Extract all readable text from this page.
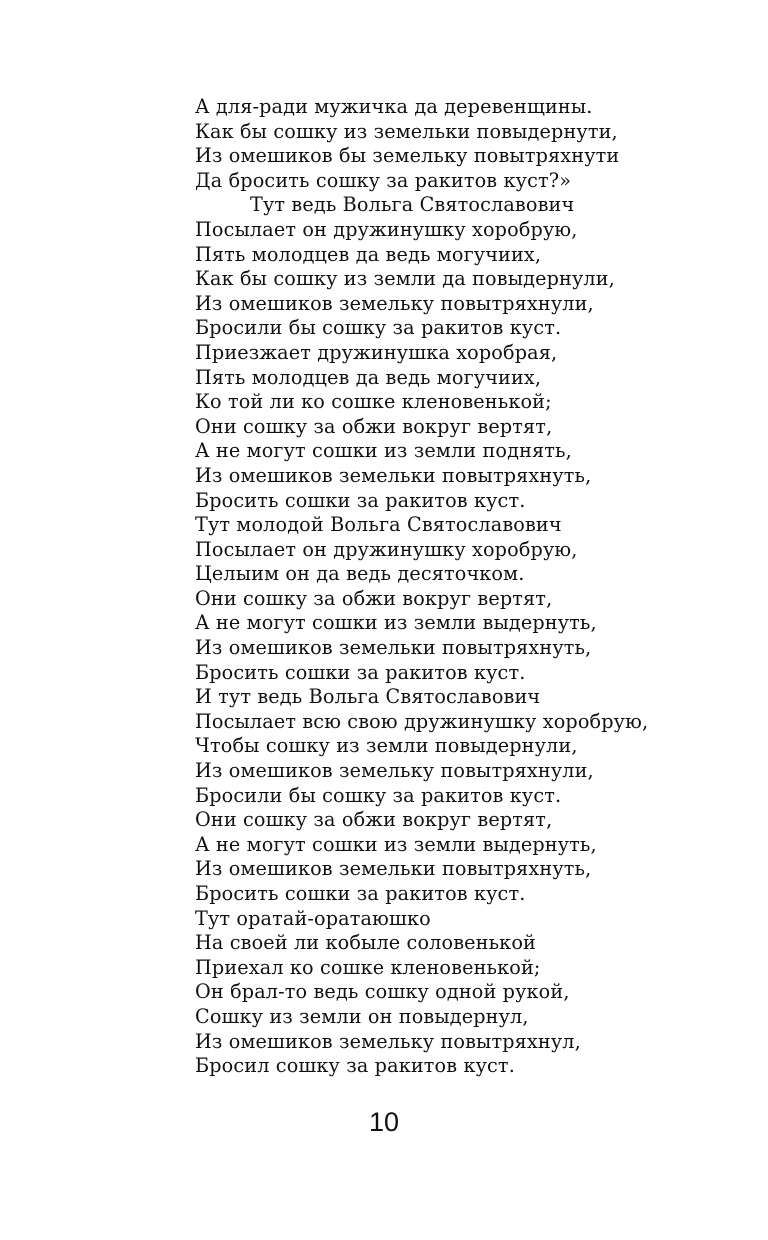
А для-ради мужичка да деревенщины.
Как бы сошку из земельки повыдернути,
Из омешиков бы земельку повытряхнути
Да бросить сошку за ракитов куст?»
Тут ведь Вольга Святославович
Посылает он дружинушку хоробрую,
Пять молодцев да ведь могучиих,
Как бы сошку из земли да повыдернули,
Из омешиков земельку повытряхнули,
Бросили бы сошку за ракитов куст.
Приезжает дружинушка хоробрая,
Пять молодцев да ведь могучиих,
Ко той ли ко сошке кленовенькой;
Они сошку за обжи вокруг вертят,
А не могут сошки из земли поднять,
Из омешиков земельки повытряхнуть,
Бросить сошки за ракитов куст.
Тут молодой Вольга Святославович
Посылает он дружинушку хоробрую,
Целыим он да ведь десяточком.
Они сошку за обжи вокруг вертят,
А не могут сошки из земли выдернуть,
Из омешиков земельки повытряхнуть,
Бросить сошки за ракитов куст.
И тут ведь Вольга Святославович
Посылает всю свою дружинушку хоробрую,
Чтобы сошку из земли повыдернули,
Из омешиков земельку повытряхнули,
Бросили бы сошку за ракитов куст.
Они сошку за обжи вокруг вертят,
А не могут сошки из земли выдернуть,
Из омешиков земельки повытряхнуть,
Бросить сошки за ракитов куст.
Тут оратай-оратаюшко
На своей ли кобыле соловенькой
Приехал ко сошке кленовенькой;
Он брал-то ведь сошку одной рукой,
Сошку из земли он повыдернул,
Из омешиков земельку повытряхнул,
Бросил сошку за ракитов куст.
10
